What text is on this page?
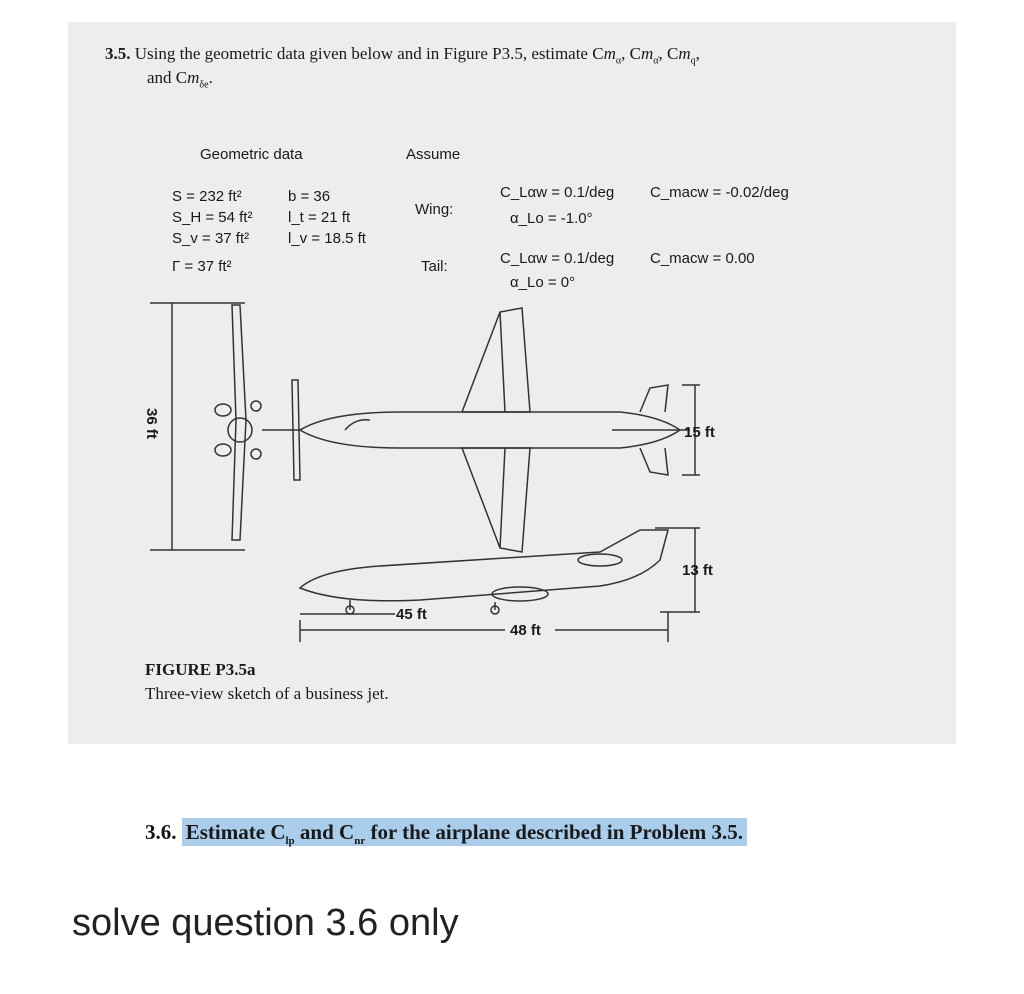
3.5. Using the geometric data given below and in Figure P3.5, estimate $Cm_\alpha$, $Cm_{\alphȧ}$, $Cm_q$,
and $Cm_{\delta e}$.
Geometric data
S = 232 ft²
S_H = 54 ft²
S_v = 37 ft²
Γ = 37 ft²
b = 36
l_t = 21 ft
l_v = 18.5 ft
Assume
Wing:
C_Lαw = 0.1/deg C_macw = -0.02/deg
α_Lo = -1.0°
Tail:	C_Lαw = 0.1/deg C_macw = 0.00
α_Lo = 0°
36 ft	15 ft
13 ft
45 ft
48 ft
FIGURE P3.5a
Three-view sketch of a business jet.
3.6. Estimate $C_{lp}$ and $C_{nr}$ for the airplane described in Problem 3.5.
solve question 3.6 only
